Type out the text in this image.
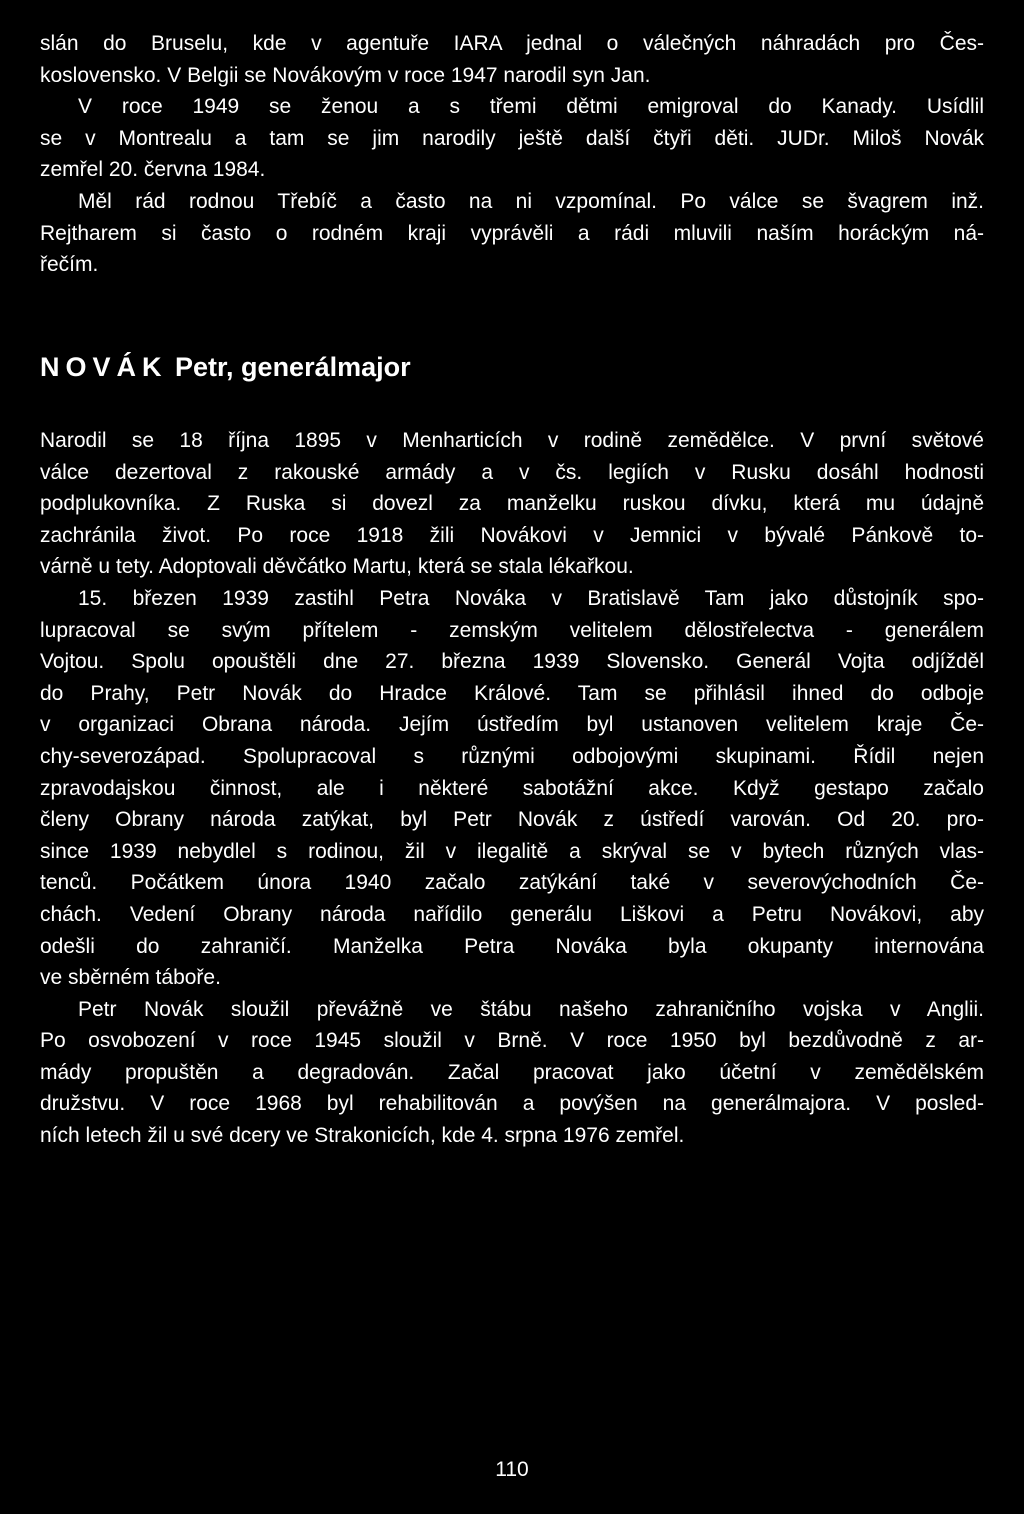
slán do Bruselu, kde v agentuře IARA jednal o válečných náhradách pro Čes-
koslovensko. V Belgii se Novákovým v roce 1947 narodil syn Jan.
V roce 1949 se ženou a s třemi dětmi emigroval do Kanady. Usídlil
se v Montrealu a tam se jim narodily ještě další čtyři děti. JUDr. Miloš Novák
zemřel 20. června 1984.
Měl rád rodnou Třebíč a často na ni vzpomínal. Po válce se švagrem inž.
Rejtharem si často o rodném kraji vyprávěli a rádi mluvili naším horáckým ná-
řečím.
NOVÁK Petr, generálmajor
Narodil se 18 října 1895 v Menharticích v rodině zemědělce. V první světové
válce dezertoval z rakouské armády a v čs. legiích v Rusku dosáhl hodnosti
podplukovníka. Z Ruska si dovezl za manželku ruskou dívku, která mu údajně
zachránila život. Po roce 1918 žili Novákovi v Jemnici v bývalé Pánkově to-
várně u tety. Adoptovali děvčátko Martu, která se stala lékařkou.
15. březen 1939 zastihl Petra Nováka v Bratislavě Tam jako důstojník spo-
lupracoval se svým přítelem - zemským velitelem dělostřelectva - generálem
Vojtou. Spolu opouštěli dne 27. března 1939 Slovensko. Generál Vojta odjížděl
do Prahy, Petr Novák do Hradce Králové. Tam se přihlásil ihned do odboje
v organizaci Obrana národa. Jejím ústředím byl ustanoven velitelem kraje Če-
chy-severozápad. Spolupracoval s různými odbojovými skupinami. Řídil nejen
zpravodajskou činnost, ale i některé sabotážní akce. Když gestapo začalo
členy Obrany národa zatýkat, byl Petr Novák z ústředí varován. Od 20. pro-
since 1939 nebydlel s rodinou, žil v ilegalitě a skrýval se v bytech různých vlas-
tenců. Počátkem února 1940 začalo zatýkání také v severovýchodních Če-
chách. Vedení Obrany národa nařídilo generálu Liškovi a Petru Novákovi, aby
odešli do zahraničí. Manželka Petra Nováka byla okupanty internována
ve sběrném táboře.
Petr Novák sloužil převážně ve štábu našeho zahraničního vojska v Anglii.
Po osvobození v roce 1945 sloužil v Brně. V roce 1950 byl bezdůvodně z ar-
mády propuštěn a degradován. Začal pracovat jako účetní v zemědělském
družstvu. V roce 1968 byl rehabilitován a povýšen na generálmajora. V posled-
ních letech žil u své dcery ve Strakonicích, kde 4. srpna 1976 zemřel.
110
